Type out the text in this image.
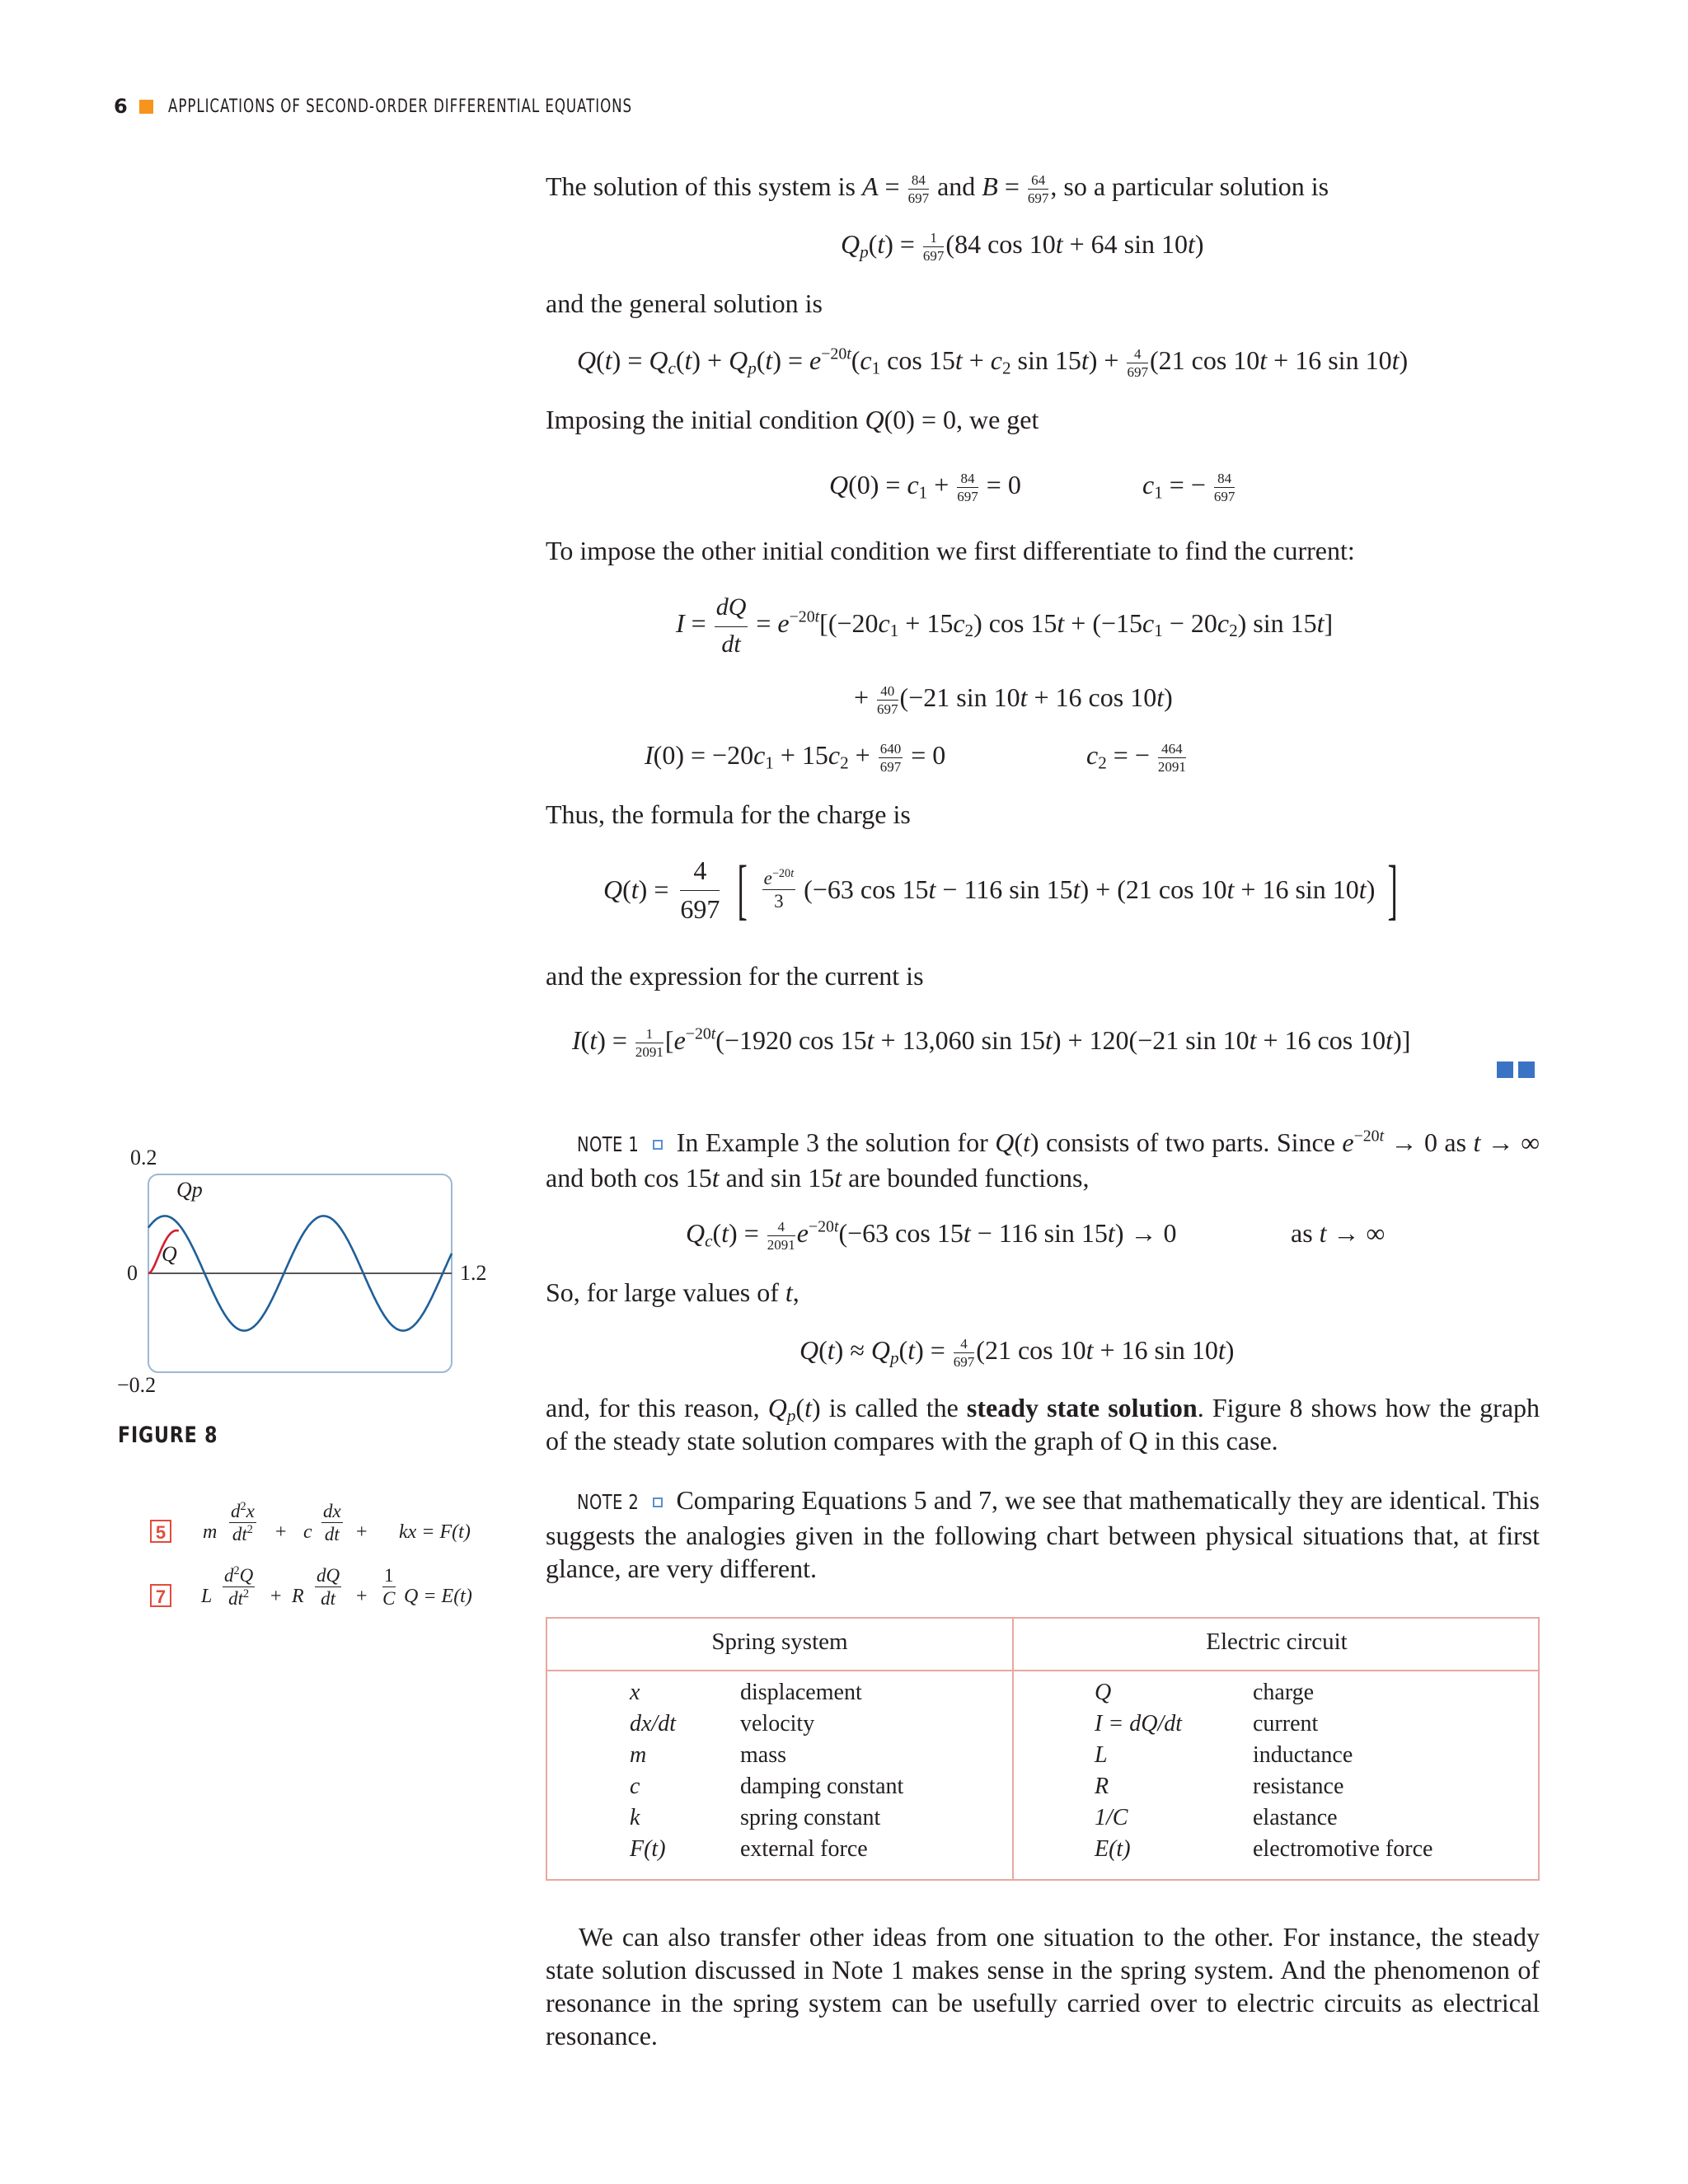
6 APPLICATIONS OF SECOND-ORDER DIFFERENTIAL EQUATIONS
The solution of this system is $A = \frac{84}{697}$ and $B = \frac{64}{697}$ , so a particular solution is
$Q_p(t) = \frac{1}{697} (84$ cos 10t + 64 sin 10t)
and the general solution is
$Q(t) = Q_c(t) + Q_p(t) = e^{-20t}(c_1$ $\cos 15t + c_2$ $\sin 15t) + \frac{4}{697} (21$ cos 10t + 16 sin 10t)
Imposing the initial condition Q(0) = 0, we get
$Q(0) = c_1 + \frac{84}{697} = 0$	$c_1$ = − $\frac{84}{697}$
To impose the other initial condition we first differentiate to find the current:
$I = \frac{dQ}{dt} = e^{-20t}[(-20c_1 + 15c_2)$ $\cos 15t + (-15c_1 - 20c_2)$ sin 15t]
+ $\frac{40}{697} (-21$ sin 10t + 16 cos 10t)
$I(0) = -20c_1 + 15c_2 + \frac{640}{697} = 0$	$c_2$ = − $\frac{464}{2091}$
Thus, the formula for the charge is
$Q(t) = \frac{4}{697}$ [ $\frac{e^{-20t}}{3} (-63$ cos 15t − 116 sin 15t) + (21 cos 10t + 16 sin 10t) ]
and the expression for the current is
$I(t) = \frac{1}{2091} [e^{-20t}(-1920$ cos 15t + 13,060 sin 15t) + 120(−21 sin 10t + 16 cos 10t)]
NOTE 1 In Example 3 the solution for Q(t) consists of two parts. Since $e^{-20t} \to 0$ as t → ∞ and both cos 15t and sin 15t are bounded functions,
$Q_c(t) = \frac{4}{2091} e^{-20t}(-63$ cos 15t − 116 sin 15t) → 0	as t → ∞
So, for large values of t,
$Q(t) \approx Q_p(t) = \frac{4}{697} (21$ cos 10t + 16 sin 10t)
and, for this reason, $Q_p(t)$ is called the steady state solution. Figure 8 shows how the graph of the steady state solution compares with the graph of Q in this case.
NOTE 2 Comparing Equations 5 and 7, we see that mathematically they are identical. This suggests the analogies given in the following chart between physical situations that, at first glance, are very different.
Spring system	Electric circuit
x	displacement	Q	charge
dx/dt	velocity	I = dQ/dt	current
m	mass	L	inductance
c	damping constant	R	resistance
k	spring constant	1/C	elastance
F(t)	external force	E(t)	electromotive force
We can also transfer other ideas from one situation to the other. For instance, the steady state solution discussed in Note 1 makes sense in the spring system. And the phenomenon of resonance in the spring system can be usefully carried over to electric circuits as electrical resonance.
0.2
0
−0.2
1.2
Qp
Q
FIGURE 8
5 m $\frac{d^2x}{dt^2} + c \frac{dx}{dt}$ + kx = F(t)
7 L $\frac{d^2Q}{dt^2} + R \frac{dQ}{dt} + \frac{1}{C}$ Q = E(t)
